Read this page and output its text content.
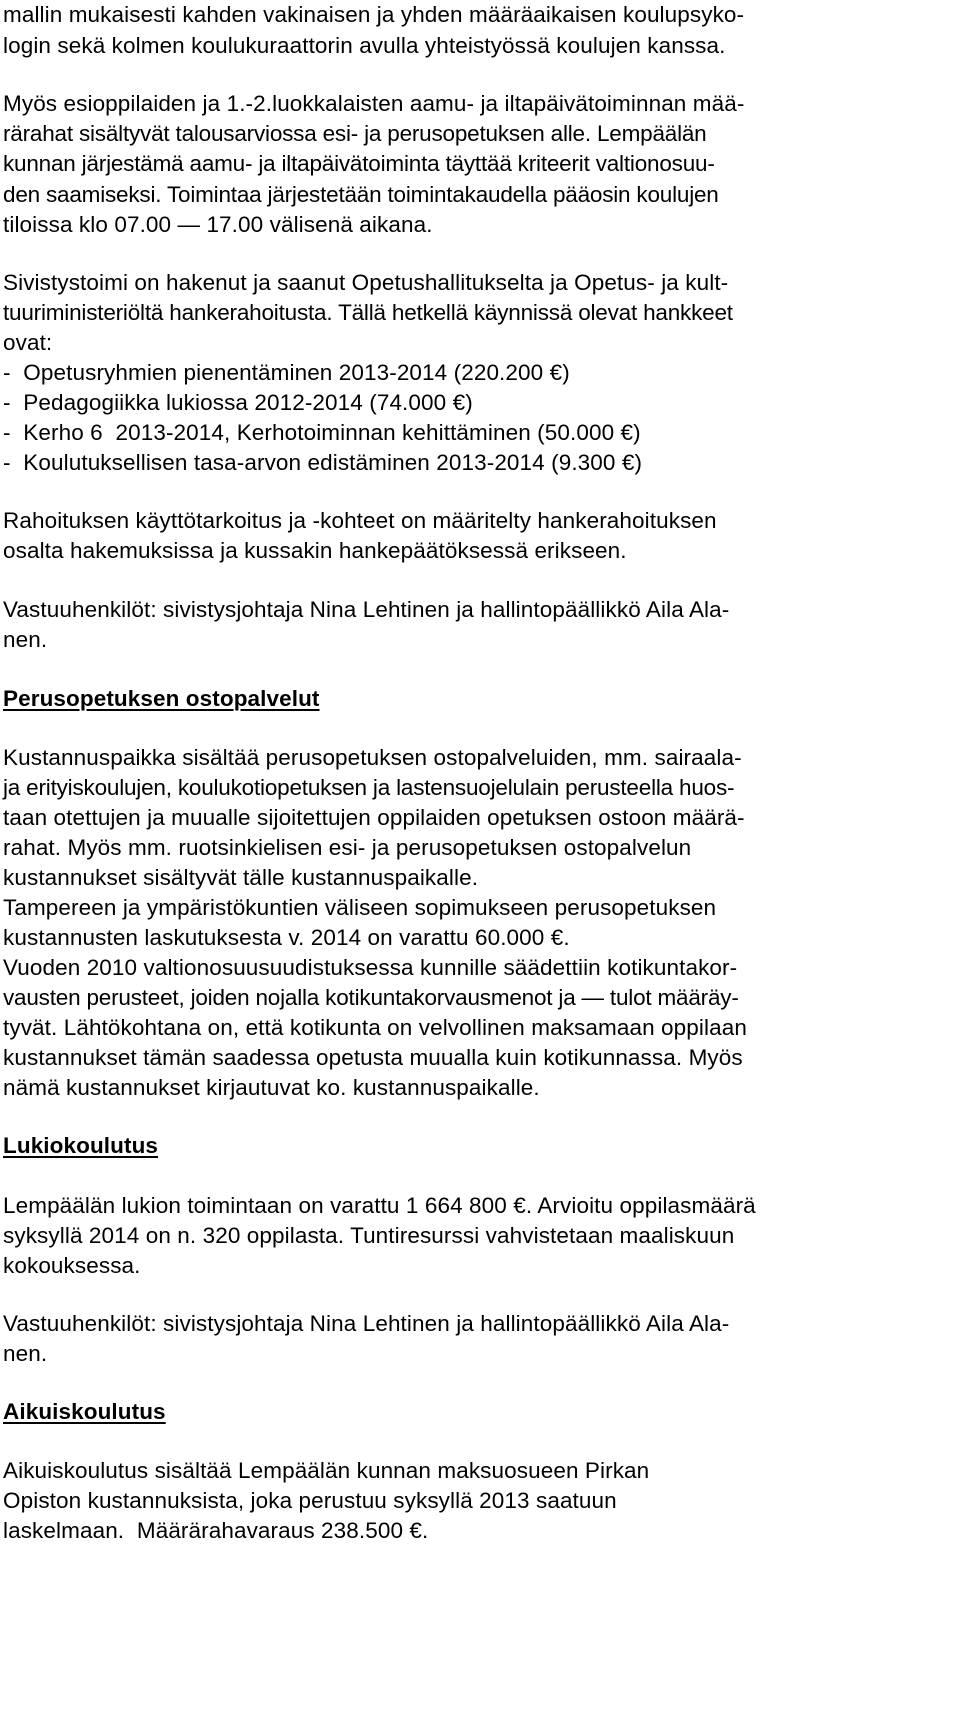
mallin mukaisesti kahden vakinaisen ja yhden määräaikaisen koulupsyko-

login sekä kolmen koulukuraattorin avulla yhteistyössä koulujen kanssa.

Myös esioppilaiden ja 1.-2.luokkalaisten aamu- ja iltapäivätoiminnan mää-

rärahat sisältyvät talousarviossa esi- ja perusopetuksen alle. Lempäälän

kunnan järjestämä aamu- ja iltapäivätoiminta täyttää kriteerit valtionosuu-

den saamiseksi. Toimintaa järjestetään toimintakaudella pääosin koulujen

tiloissa klo 07.00 — 17.00 välisenä aikana.

Sivistystoimi on hakenut ja saanut Opetushallitukselta ja Opetus- ja kult-

tuuriministeriöltä hankerahoitusta. Tällä hetkellä käynnissä olevat hankkeet

ovat:

-  Opetusryhmien pienentäminen 2013-2014 (220.200 €)

-  Pedagogiikka lukiossa 2012-2014 (74.000 €)

-  Kerho 6  2013-2014, Kerhotoiminnan kehittäminen (50.000 €)

-  Koulutuksellisen tasa-arvon edistäminen 2013-2014 (9.300 €)

Rahoituksen käyttötarkoitus ja -kohteet on määritelty hankerahoituksen

osalta hakemuksissa ja kussakin hankepäätöksessä erikseen.

Vastuuhenkilöt: sivistysjohtaja Nina Lehtinen ja hallintopäällikkö Aila Ala-

nen.

Perusopetuksen ostopalvelut

Kustannuspaikka sisältää perusopetuksen ostopalveluiden, mm. sairaala-

ja erityiskoulujen, koulukotiopetuksen ja lastensuojelulain perusteella huos-

taan otettujen ja muualle sijoitettujen oppilaiden opetuksen ostoon määrä-

rahat. Myös mm. ruotsinkielisen esi- ja perusopetuksen ostopalvelun

kustannukset sisältyvät tälle kustannuspaikalle.

Tampereen ja ympäristökuntien väliseen sopimukseen perusopetuksen

kustannusten laskutuksesta v. 2014 on varattu 60.000 €.

Vuoden 2010 valtionosuusuudistuksessa kunnille säädettiin kotikuntakor-

vausten perusteet, joiden nojalla kotikuntakorvausmenot ja — tulot määräy-

tyvät. Lähtökohtana on, että kotikunta on velvollinen maksamaan oppilaan

kustannukset tämän saadessa opetusta muualla kuin kotikunnassa. Myös

nämä kustannukset kirjautuvat ko. kustannuspaikalle.

Lukiokoulutus

Lempäälän lukion toimintaan on varattu 1 664 800 €. Arvioitu oppilasmäärä

syksyllä 2014 on n. 320 oppilasta. Tuntiresurssi vahvistetaan maaliskuun

kokouksessa.

Vastuuhenkilöt: sivistysjohtaja Nina Lehtinen ja hallintopäällikkö Aila Ala-

nen.

Aikuiskoulutus

Aikuiskoulutus sisältää Lempäälän kunnan maksuosueen Pirkan

Opiston kustannuksista, joka perustuu syksyllä 2013 saatuun

laskelmaan.  Määrärahavaraus 238.500 €.
